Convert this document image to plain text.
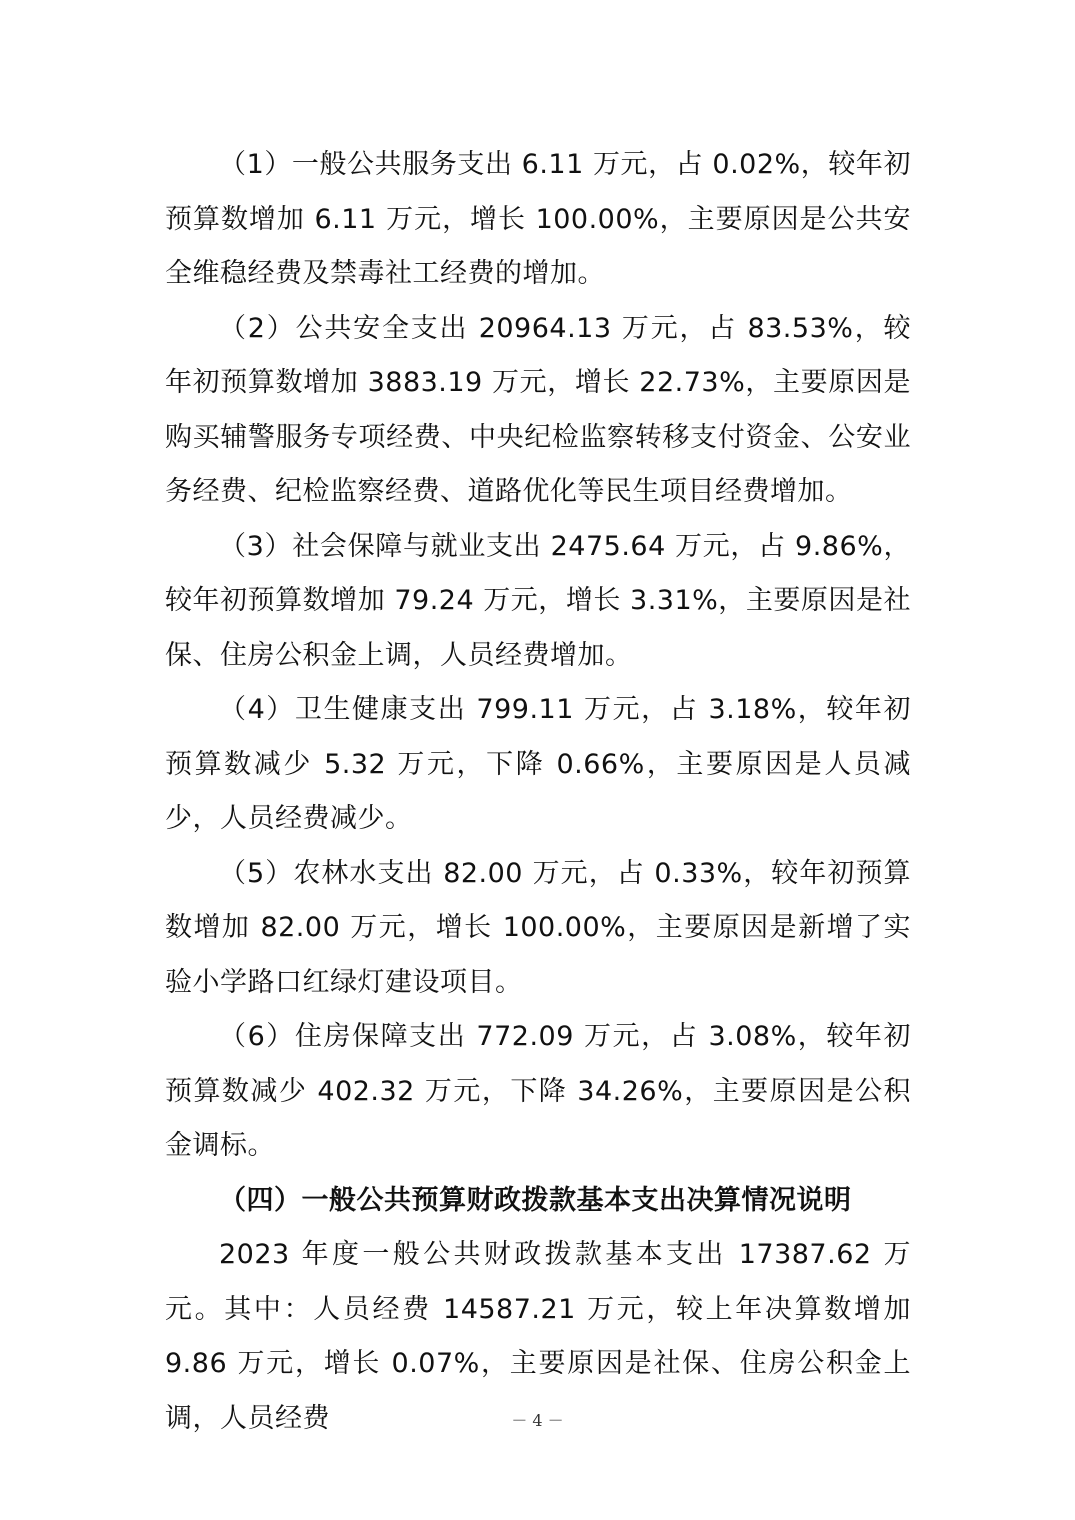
（1）一般公共服务支出 6.11 万元，占 0.02%，较年初预算数增加 6.11 万元，增长 100.00%，主要原因是公共安全维稳经费及禁毒社工经费的增加。

（2）公共安全支出 20964.13 万元，占 83.53%，较年初预算数增加 3883.19 万元，增长 22.73%，主要原因是购买辅警服务专项经费、中央纪检监察转移支付资金、公安业务经费、纪检监察经费、道路优化等民生项目经费增加。

（3）社会保障与就业支出 2475.64 万元，占 9.86%，较年初预算数增加 79.24 万元，增长 3.31%，主要原因是社保、住房公积金上调，人员经费增加。

（4）卫生健康支出 799.11 万元，占 3.18%，较年初预算数减少 5.32 万元，下降 0.66%，主要原因是人员减少，人员经费减少。

（5）农林水支出 82.00 万元，占 0.33%，较年初预算数增加 82.00 万元，增长 100.00%，主要原因是新增了实验小学路口红绿灯建设项目。

（6）住房保障支出 772.09 万元，占 3.08%，较年初预算数减少 402.32 万元，下降 34.26%，主要原因是公积金调标。

（四）一般公共预算财政拨款基本支出决算情况说明

2023 年度一般公共财政拨款基本支出 17387.62 万元。其中：人员经费 14587.21 万元，较上年决算数增加 9.86 万元，增长 0.07%，主要原因是社保、住房公积金上调，人员经费	－ 4 －
